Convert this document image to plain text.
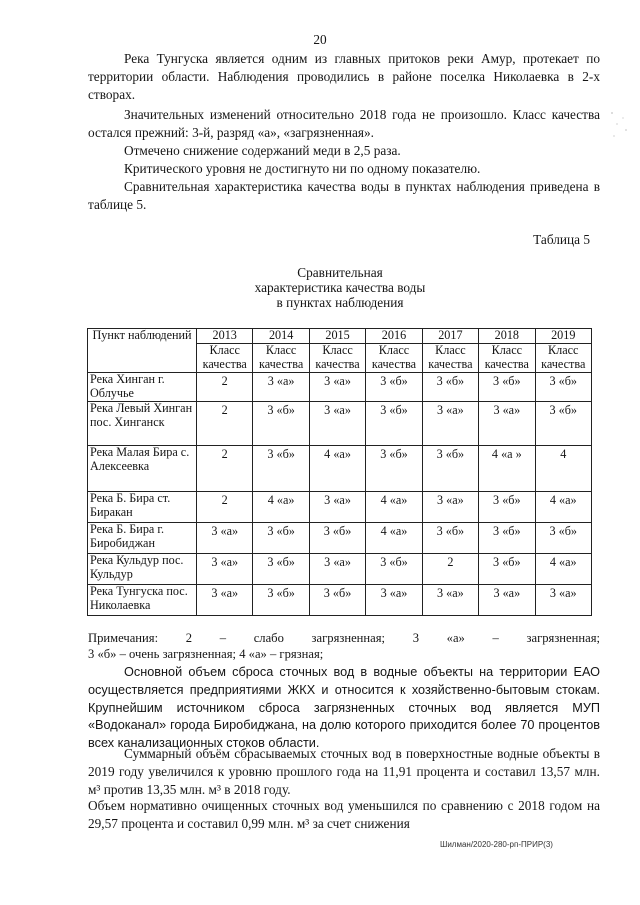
20
Река Тунгуска является одним из главных притоков реки Амур, протекает по территории области. Наблюдения проводились в районе поселка Николаевка в 2-х створах.
Значительных изменений относительно 2018 года не произошло. Класс качества остался прежний: 3-й, разряд «а», «загрязненная».
Отмечено снижение содержаний меди в 2,5 раза.
Критического уровня не достигнуто ни по одному показателю.
Сравнительная характеристика качества воды в пунктах наблюдения приведена в таблице 5.
Таблица 5
Сравнительная
характеристика качества воды
в пунктах наблюдения
Пункт наблюдений	2013	2014	2015	2016	2017	2018	2019
	Класс качества	Класс качества	Класс качества	Класс качества	Класс качества	Класс качества	Класс качества
Река Хинган г. Облучье	2	3 «а»	3 «а»	3 «б»	3 «б»	3 «б»	3 «б»
Река Левый Хинган пос. Хинганск	2	3 «б»	3 «а»	3 «б»	3 «а»	3 «а»	3 «б»
Река Малая Бира с. Алексеевка	2	3 «б»	4 «а»	3 «б»	3 «б»	4 «а »	4
Река Б. Бира ст. Биракан	2	4 «а»	3 «а»	4 «а»	3 «а»	3 «б»	4 «а»
Река Б. Бира г. Биробиджан	3 «а»	3 «б»	3 «б»	4 «а»	3 «б»	3 «б»	3 «б»
Река Кульдур пос. Кульдур	3 «а»	3 «б»	3 «а»	3 «б»	2	3 «б»	4 «а»
Река Тунгуска пос. Николаевка	3 «а»	3 «б»	3 «б»	3 «а»	3 «а»	3 «а»	3 «а»
Примечания: 2 – слабо загрязненная; 3 «а» – загрязненная;
3 «б» – очень загрязненная; 4 «а» – грязная;
Основной объем сброса сточных вод в водные объекты на территории ЕАО осуществляется предприятиями ЖКХ и относится к хозяйственно-бытовым стокам. Крупнейшим источником сброса загрязненных сточных вод является МУП «Водоканал» города Биробиджана, на долю которого приходится более 70 процентов всех канализационных стоков области.
Суммарный объём сбрасываемых сточных вод в поверхностные водные объекты в 2019 году увеличился к уровню прошлого года на 11,91 процента и составил 13,57 млн. м³ против 13,35 млн. м³ в 2018 году.
Объем нормативно очищенных сточных вод уменьшился по сравнению с 2018 годом на 29,57 процента и составил 0,99 млн. м³ за счет снижения
Шилман/2020-280-рп-ПРИР(3)
